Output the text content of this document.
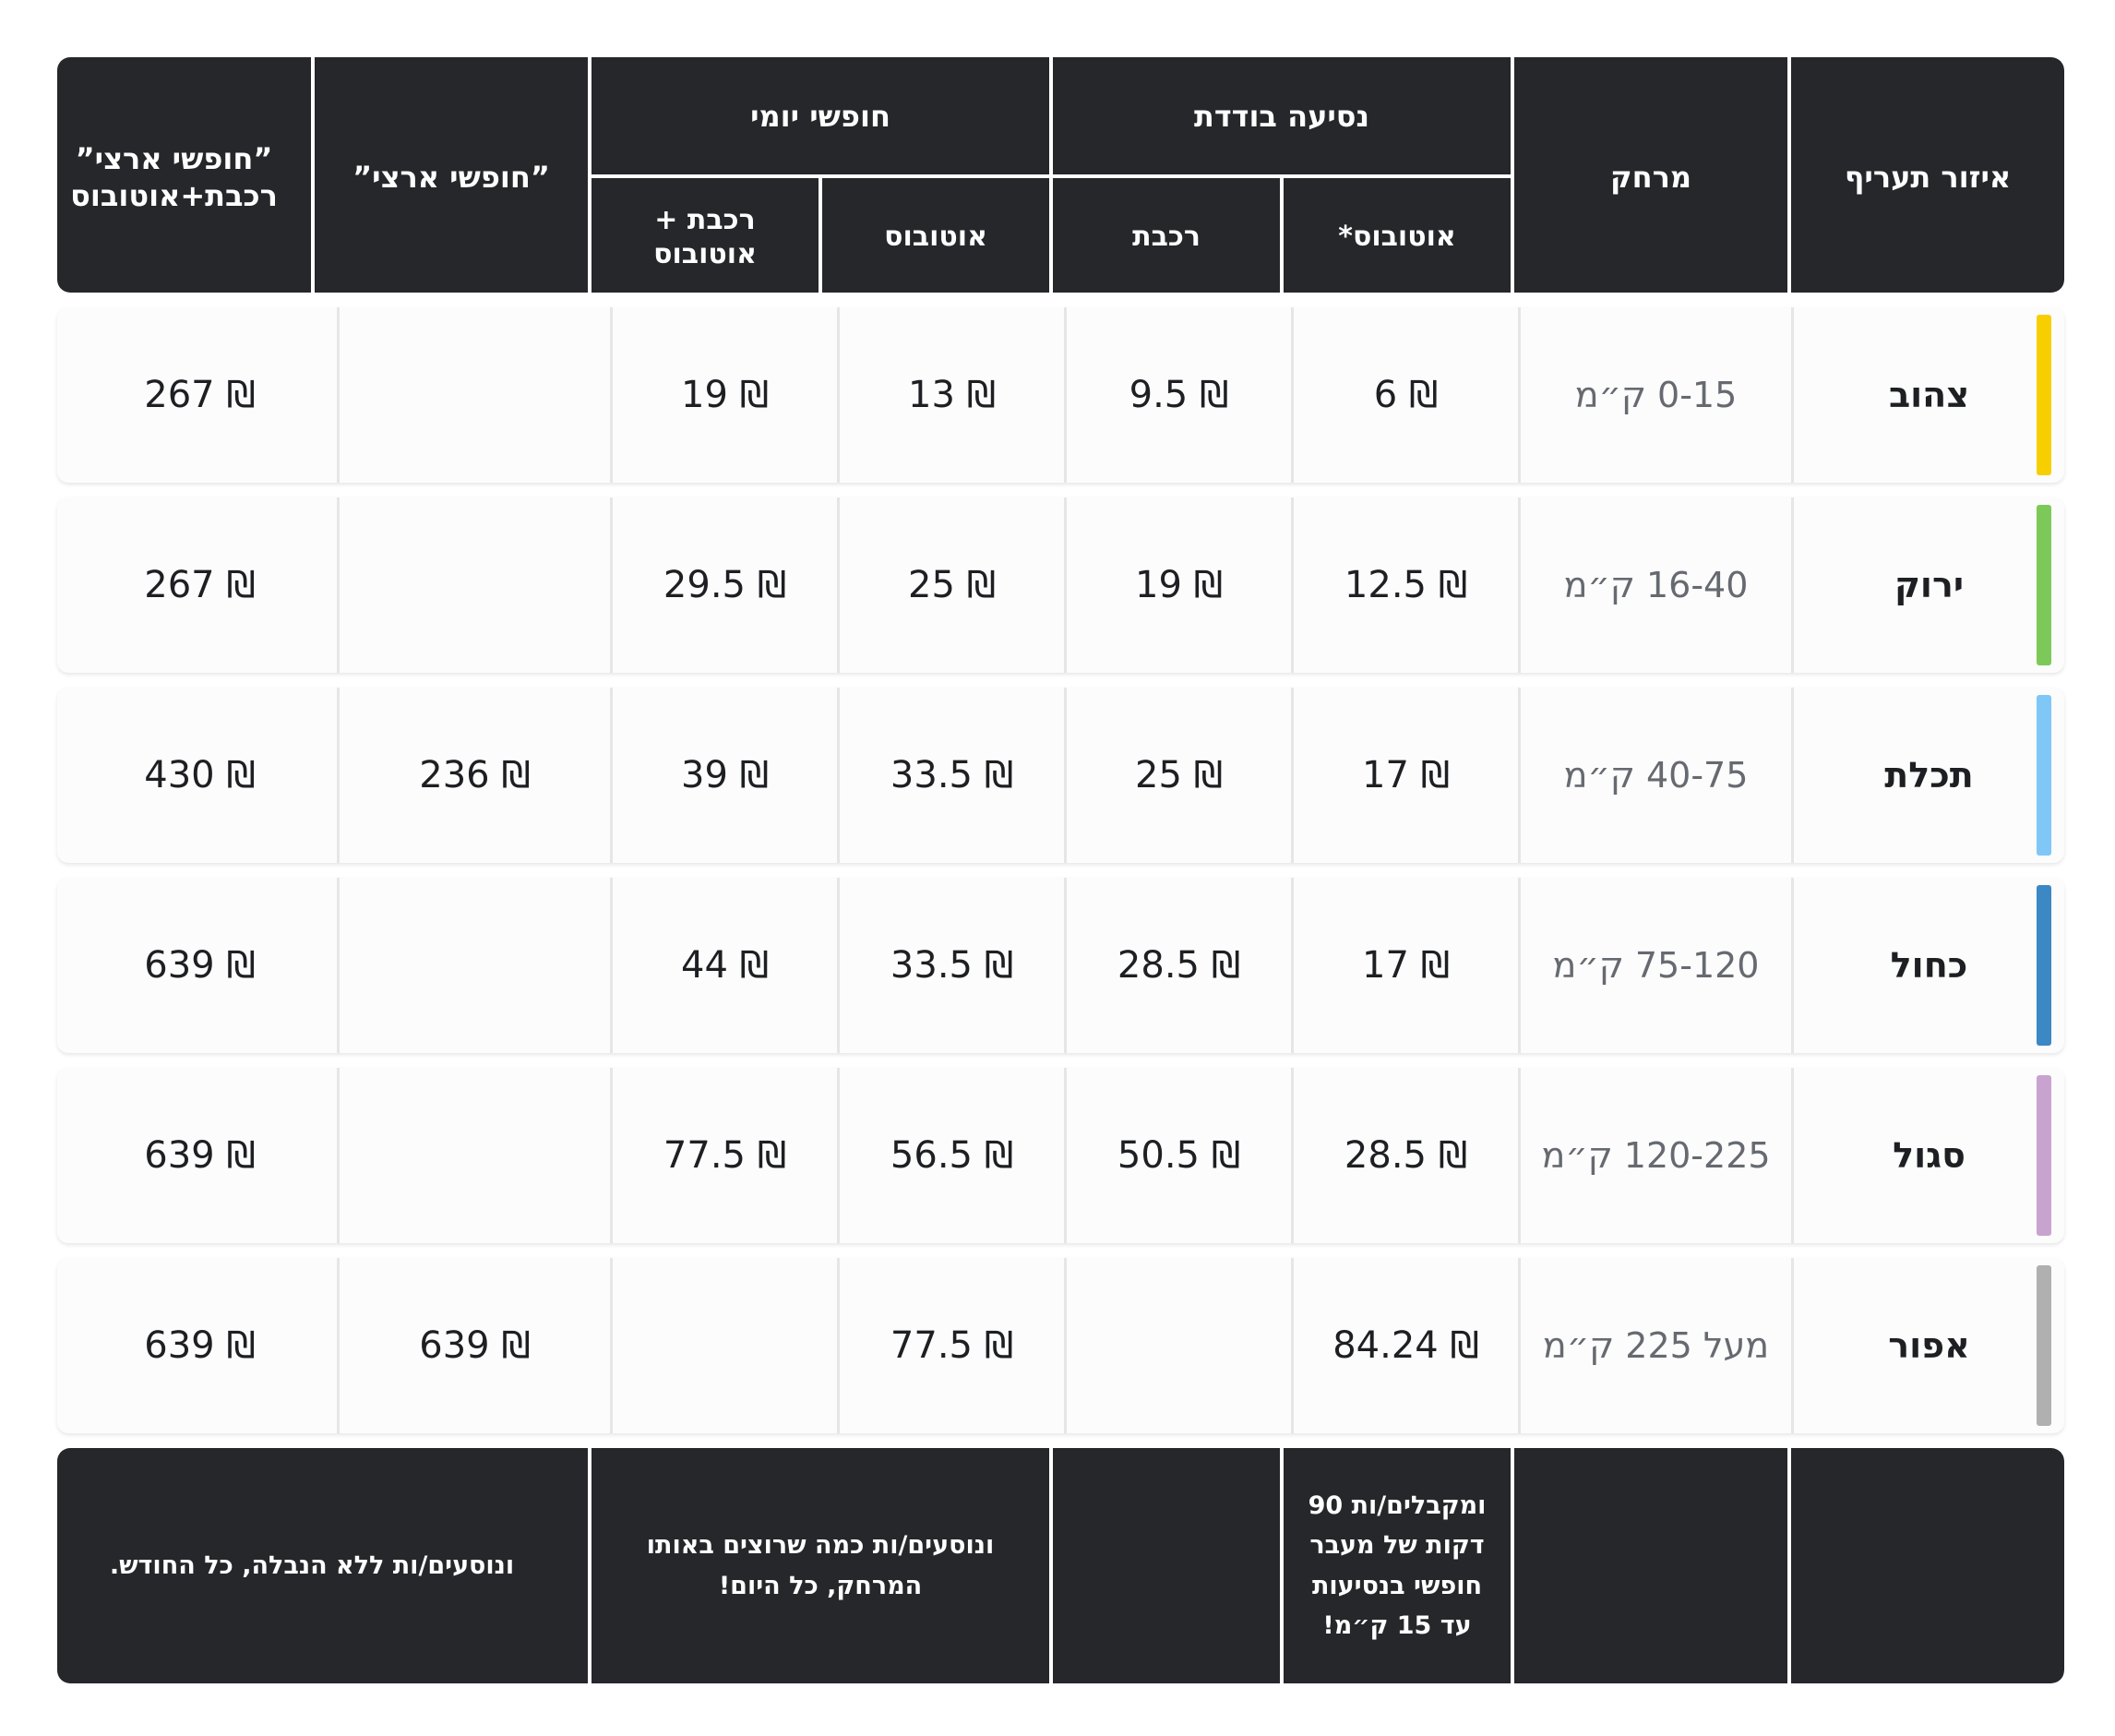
איזור תעריף
מרחק
נסיעה בודדת
חופשי יומי
”חופשי ארצי”
”חופשי ארצי”
רכבת+אוטובוס
אוטובוס*
רכבת
אוטובוס
רכבת +
אוטובוס
צהוב
0-15 ק״מ
6 ₪
9.5 ₪
13 ₪
19 ₪
267 ₪
ירוק
16-40 ק״מ
12.5 ₪
19 ₪
25 ₪
29.5 ₪
267 ₪
תכלת
40-75 ק״מ
17 ₪
25 ₪
33.5 ₪
39 ₪
236 ₪
430 ₪
כחול
75-120 ק״מ
17 ₪
28.5 ₪
33.5 ₪
44 ₪
639 ₪
סגול
120-225 ק״מ
28.5 ₪
50.5 ₪
56.5 ₪
77.5 ₪
639 ₪
אפור
מעל 225 ק״מ
84.24 ₪
77.5 ₪
639 ₪
639 ₪
ומקבלים/ות 90 דקות של מעבר חופשי בנסיעות עד 15 ק״מ!
ונוסעים/ות כמה שרוצים באותו המרחק, כל היום!
ונוסעים/ות ללא הנבלה, כל החודש.
